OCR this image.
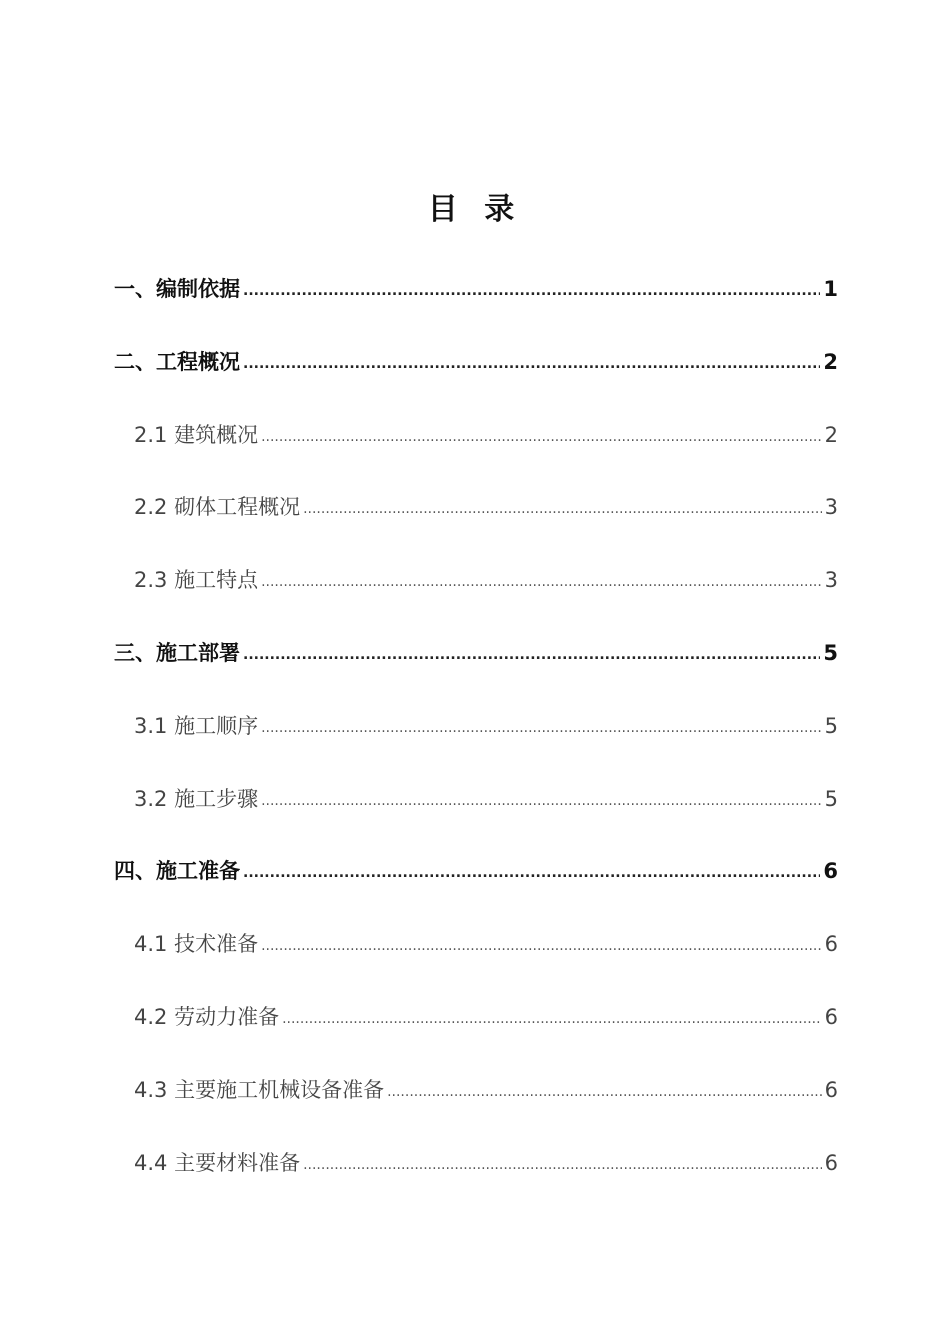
目 录
一、编制依据 .....	1
二、工程概况 .....	2
2.1 建筑概况 .....	2
2.2 砌体工程概况 .....	3
2.3 施工特点 .....	3
三、施工部署 .....	5
3.1 施工顺序 .....	5
3.2 施工步骤 .....	5
四、施工准备 .....	6
4.1 技术准备 .....	6
4.2 劳动力准备 .....	6
4.3 主要施工机械设备准备 .....	6
4.4 主要材料准备 .....	6
